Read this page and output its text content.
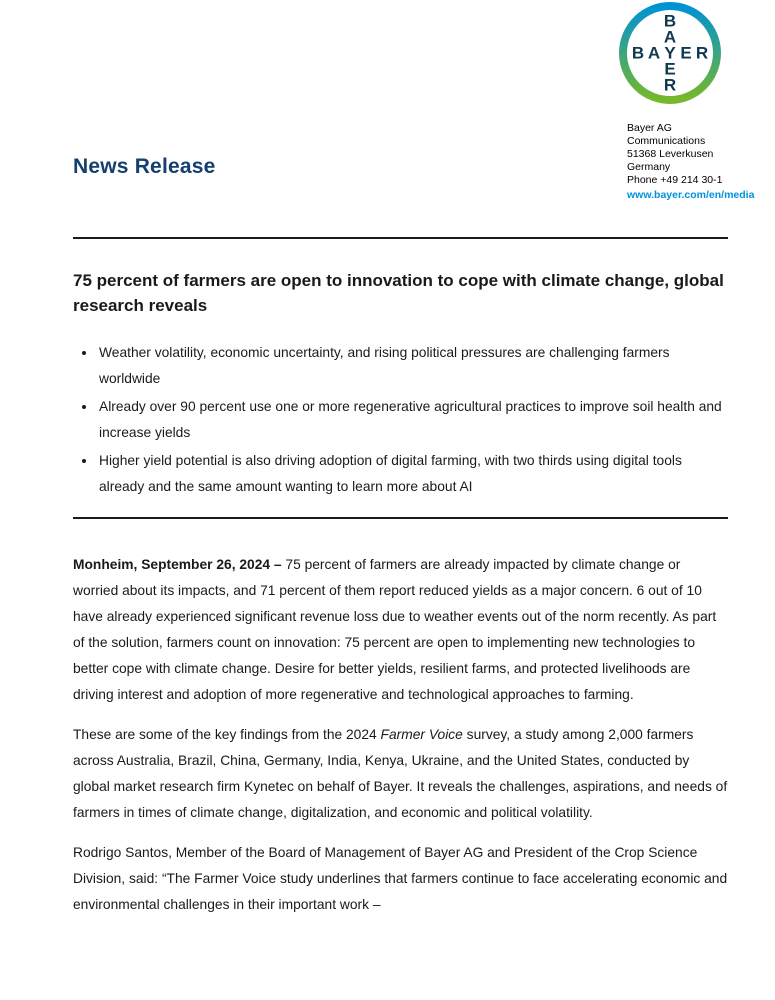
B A Y E R
B
A
E
R
Bayer AG
Communications
51368 Leverkusen
Germany
Phone +49 214 30-1
www.bayer.com/en/media
News Release
75 percent of farmers are open to innovation to cope with climate change, global research reveals
• Weather volatility, economic uncertainty, and rising political pressures are challenging farmers worldwide
• Already over 90 percent use one or more regenerative agricultural practices to improve soil health and increase yields
• Higher yield potential is also driving adoption of digital farming, with two thirds using digital tools already and the same amount wanting to learn more about AI

Monheim, September 26, 2024 – 75 percent of farmers are already impacted by climate change or worried about its impacts, and 71 percent of them report reduced yields as a major concern. 6 out of 10 have already experienced significant revenue loss due to weather events out of the norm recently. As part of the solution, farmers count on innovation: 75 percent are open to implementing new technologies to better cope with climate change. Desire for better yields, resilient farms, and protected livelihoods are driving interest and adoption of more regenerative and technological approaches to farming.

These are some of the key findings from the 2024 Farmer Voice survey, a study among 2,000 farmers across Australia, Brazil, China, Germany, India, Kenya, Ukraine, and the United States, conducted by global market research firm Kynetec on behalf of Bayer. It reveals the challenges, aspirations, and needs of farmers in times of climate change, digitalization, and economic and political volatility.

Rodrigo Santos, Member of the Board of Management of Bayer AG and President of the Crop Science Division, said: “The Farmer Voice study underlines that farmers continue to face accelerating economic and environmental challenges in their important work –
